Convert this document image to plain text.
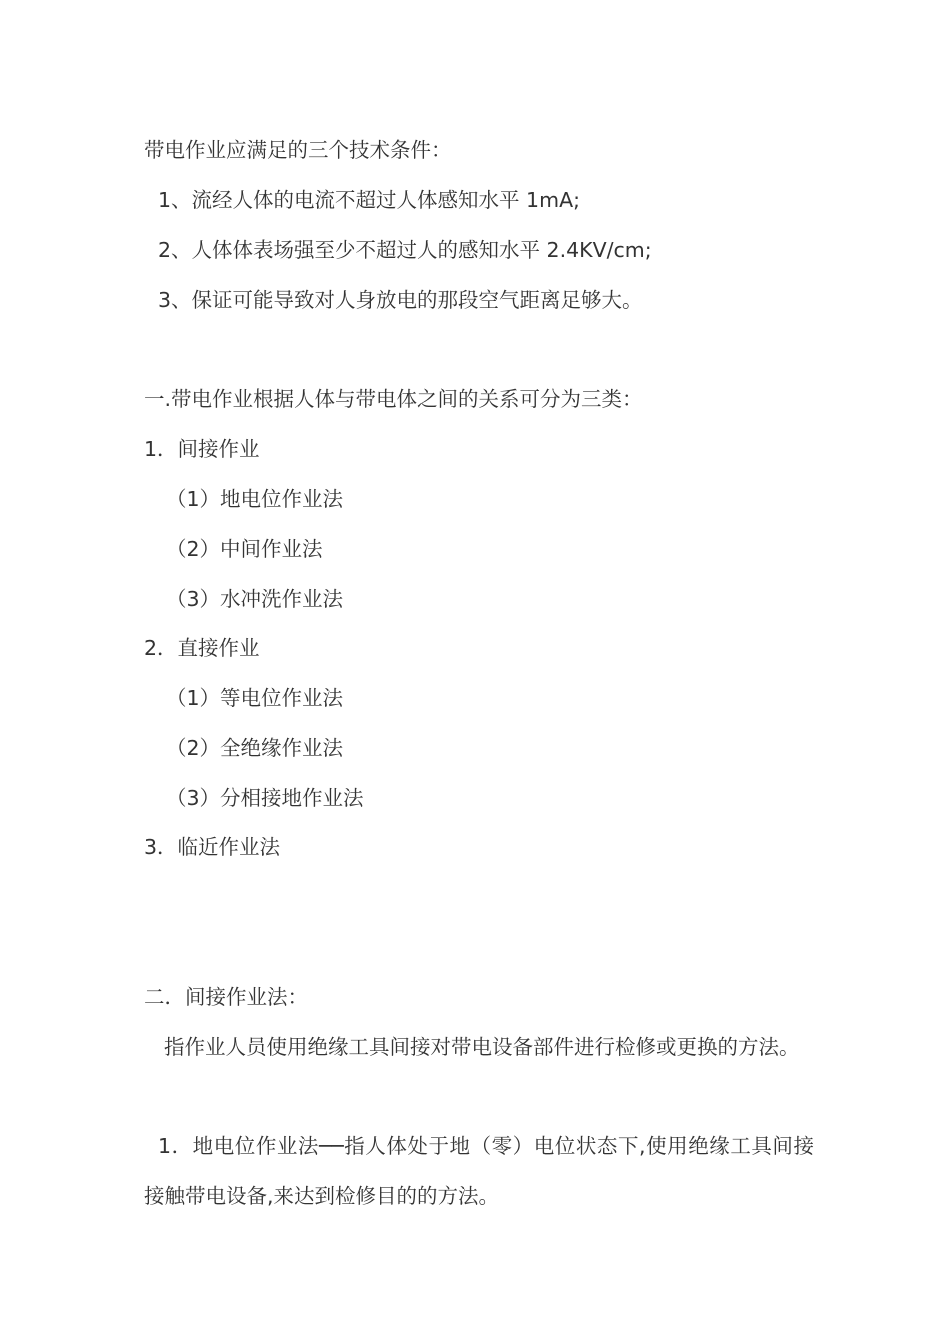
带电作业应满足的三个技术条件：
1、流经人体的电流不超过人体感知水平 1mA;
2、人体体表场强至少不超过人的感知水平 2.4KV/cm;
3、保证可能导致对人身放电的那段空气距离足够大。
一.带电作业根据人体与带电体之间的关系可分为三类：
1．间接作业
（1）地电位作业法
（2）中间作业法
（3）水冲洗作业法
2．直接作业
（1）等电位作业法
（2）全绝缘作业法
（3）分相接地作业法
3．临近作业法
二．间接作业法：
指作业人员使用绝缘工具间接对带电设备部件进行检修或更换的方法。
1．地电位作业法──指人体处于地（零）电位状态下,使用绝缘工具间接接触带电设备,来达到检修目的的方法。
